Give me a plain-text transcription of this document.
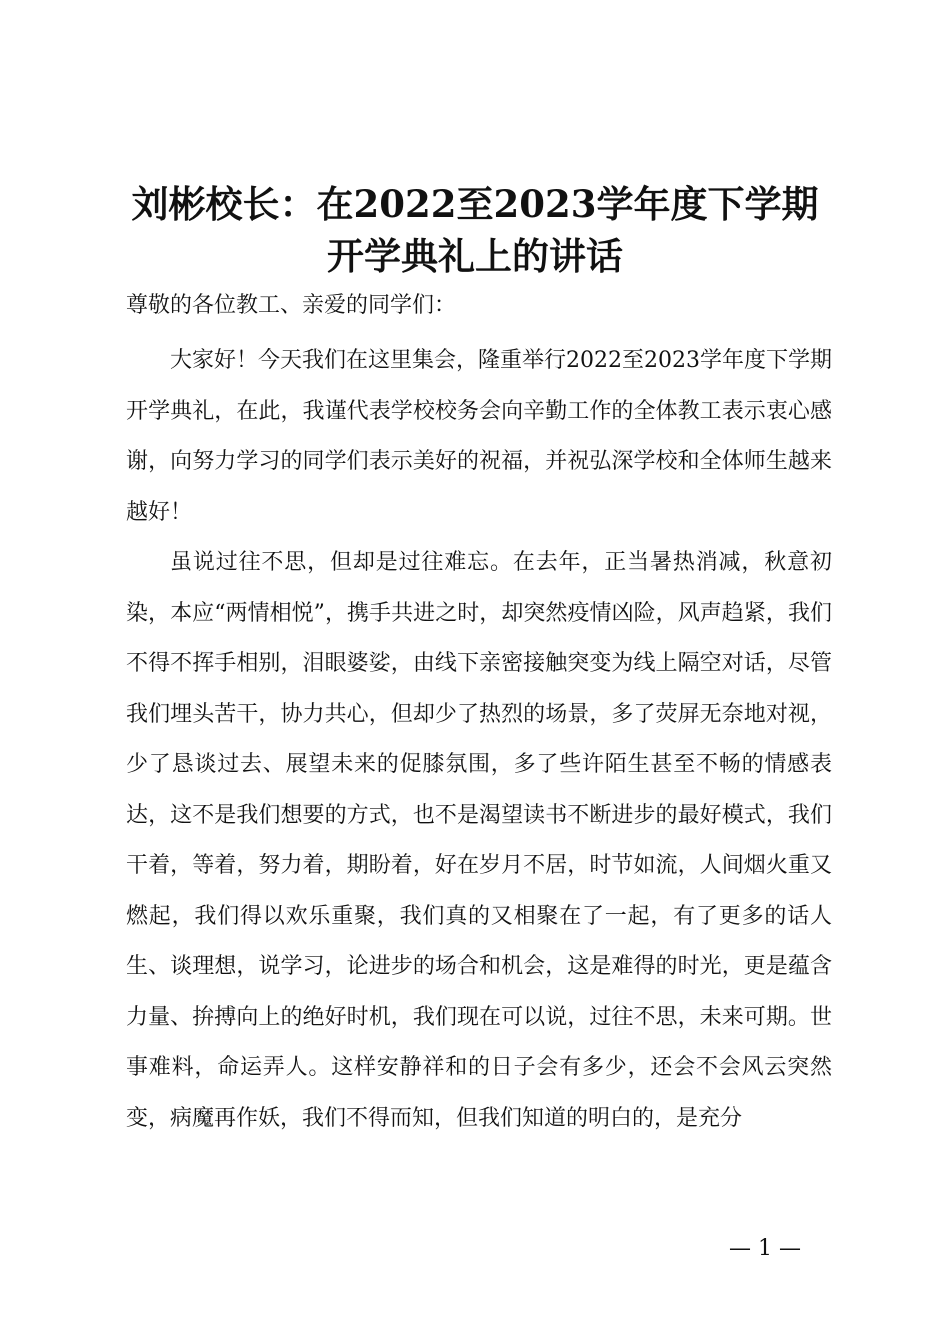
刘彬校长：在2022至2023学年度下学期开学典礼上的讲话
尊敬的各位教工、亲爱的同学们：

大家好！今天我们在这里集会，隆重举行2022至2023学年度下学期开学典礼，在此，我谨代表学校校务会向辛勤工作的全体教工表示衷心感谢，向努力学习的同学们表示美好的祝福，并祝弘深学校和全体师生越来越好！

虽说过往不思，但却是过往难忘。在去年，正当暑热消减，秋意初染，本应“两情相悦”，携手共进之时，却突然疫情凶险，风声趋紧，我们不得不挥手相别，泪眼婆娑，由线下亲密接触突变为线上隔空对话，尽管我们埋头苦干，协力共心，但却少了热烈的场景，多了荧屏无奈地对视，少了恳谈过去、展望未来的促膝氛围，多了些许陌生甚至不畅的情感表达，这不是我们想要的方式，也不是渴望读书不断进步的最好模式，我们干着，等着，努力着，期盼着，好在岁月不居，时节如流，人间烟火重又燃起，我们得以欢乐重聚，我们真的又相聚在了一起，有了更多的话人生、谈理想，说学习，论进步的场合和机会，这是难得的时光，更是蕴含力量、拚搏向上的绝好时机，我们现在可以说，过往不思，未来可期。世事难料，命运弄人。这样安静祥和的日子会有多少，还会不会风云突然变，病魔再作妖，我们不得而知，但我们知道的明白的，是充分

— 1 —
